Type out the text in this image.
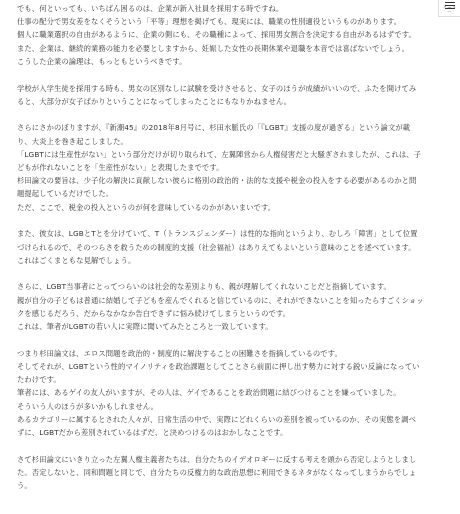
でも、何といっても、いちばん困るのは、企業が新入社員を採用する時ですね。
仕事の配分で男女差をなくそうという「平等」理想を掲げても、現実には、職業の性別適役というものがあります。
個人に職業選択の自由があるように、企業の側にも、その職種によって、採用男女割合を決定する自由があるはずです。
また、企業は、継続的業務の能力を必要としますから、妊娠した女性の長期休業や退職を本音では喜ばないでしょう。
こうした企業の論理は、もっともというべきです。

学校が入学生徒を採用する時も、男女の区別なしに試験を受けさせると、女子のほうが成績がいいので、ふたを開けてみ
ると、大部分が女子ばかりということになってしまったことにもなりかねません。

さらにさかのぼりますが、『新潮45』の2018年8月号に、杉田水脈氏の「『LGBT』支援の度が過ぎる」という論文が載
り、大炎上を巻き起こしました。
「LGBTには生産性がない」という部分だけが切り取られて、左翼陣営から人権侵害だと大騒ぎされましたが、これは、子
どもが作れないことを「生産性がない」と表現したまでです。
杉田論文の要旨は、少子化の解決に貢献しない彼らに格別の政治的・法的な支援や税金の投入をする必要があるのかと問
題提起しているだけでした。
ただ、ここで、税金の投入というのが何を意味しているのかがあいまいです。

また、彼女は、LGBとTとを分けていて、T（トランスジェンダー）は性的な指向というより、むしろ「障害」として位置
づけられるので、そのつらさを救うための制度的支援（社会福祉）はありえてもよいという意味のことを述べています。
これはごくまともな見解でしょう。

さらに、LGBT当事者にとってつらいのは社会的な差別よりも、親が理解してくれないことだと指摘しています。
親が自分の子どもは普通に結婚して子どもを産んでくれると信じているのに、それができないことを知ったらすごくショッ
クを感じるだろう、だからなかなか告白できずに悩み続けてしまうというのです。
これは、筆者がLGBTの若い人に実際に聞いてみたところと一致しています。

つまり杉田論文は、エロス問題を政治的・制度的に解決することの困難さを指摘しているのです。
そしてそれが、LGBTという性的マイノリティを政治課題としてことさら前面に押し出す勢力に対する鋭い反論になってい
たわけです。
筆者には、あるゲイの友人がいますが、その人は、ゲイであることを政治問題に結びつけることを嫌っていました。
そういう人のほうが多いかもしれません。
あるカテゴリーに属するとされた人々が、日常生活の中で、実際にどれくらいの差別を被っているのか、その実態を調べ
ずに、LGBTだから差別されているはずだ、と決めつけるのはおかしなことです。

さて杉田論文にいきり立った左翼人権主義者たちは、自分たちのイデオロギーに反する考えを頭から否定しようとしまし
た。否定しないと、同和問題と同じで、自分たちの反権力的な政治思想に利用できるネタがなくなってしまうからでしょ
う。

メニュー
